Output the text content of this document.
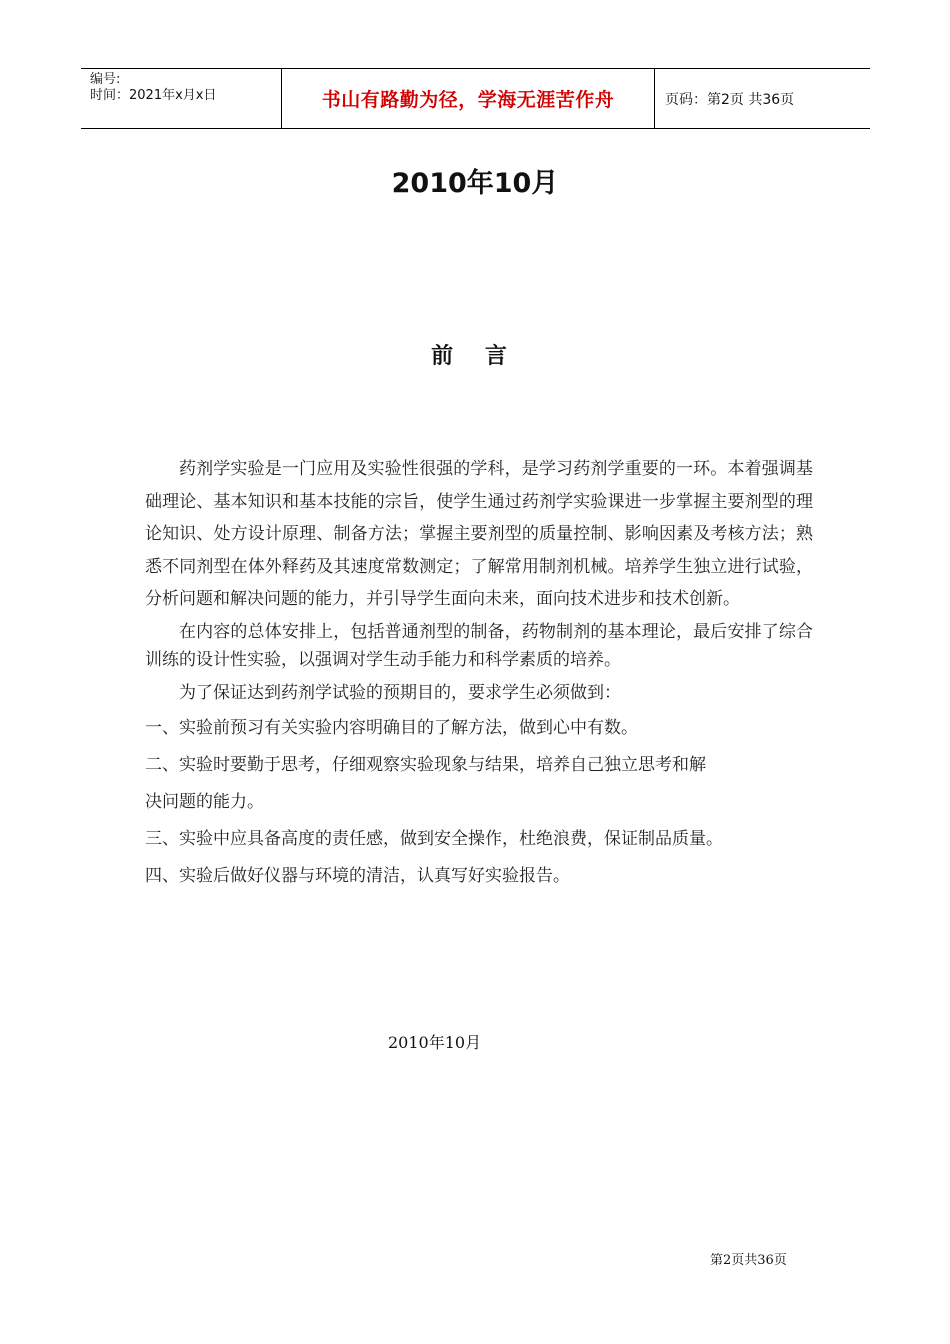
编号:
时间：2021年x月x日	书山有路勤为径，学海无涯苦作舟	页码：第2页 共36页
2010年10月
前 言

药剂学实验是一门应用及实验性很强的学科，是学习药剂学重要的一环。本着强调基础理论、基本知识和基本技能的宗旨，使学生通过药剂学实验课进一步掌握主要剂型的理论知识、处方设计原理、制备方法；掌握主要剂型的质量控制、影响因素及考核方法；熟悉不同剂型在体外释药及其速度常数测定；了解常用制剂机械。培养学生独立进行试验，分析问题和解决问题的能力，并引导学生面向未来，面向技术进步和技术创新。

在内容的总体安排上，包括普通剂型的制备，药物制剂的基本理论，最后安排了综合训练的设计性实验，以强调对学生动手能力和科学素质的培养。

为了保证达到药剂学试验的预期目的，要求学生必须做到：

一、实验前预习有关实验内容明确目的了解方法，做到心中有数。
二、实验时要勤于思考，仔细观察实验现象与结果，培养自己独立思考和解
决问题的能力。
三、实验中应具备高度的责任感，做到安全操作，杜绝浪费，保证制品质量。
四、实验后做好仪器与环境的清洁，认真写好实验报告。
2010年10月
第2页共36页
